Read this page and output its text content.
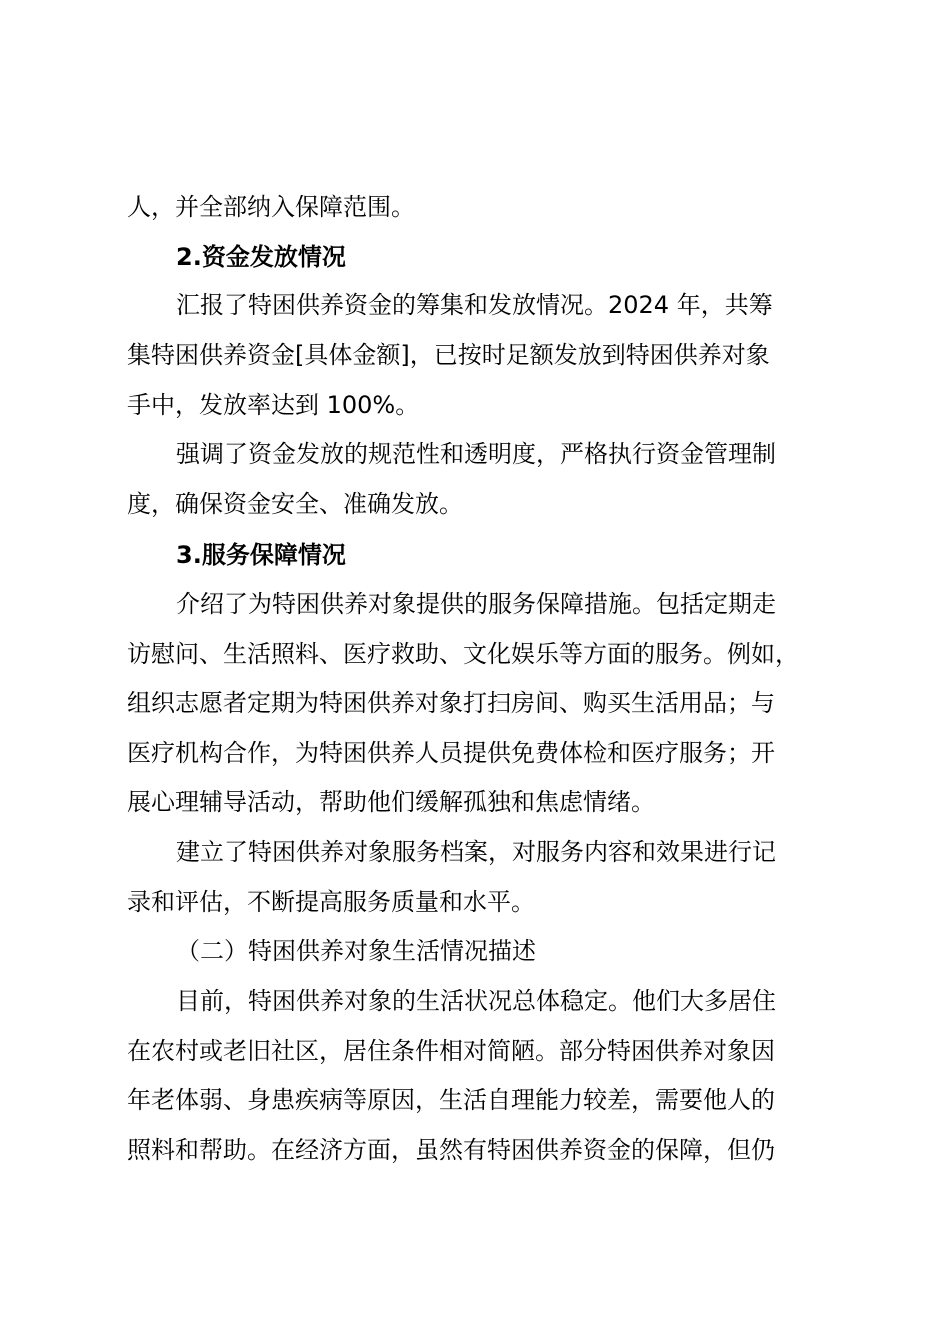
人，并全部纳入保障范围。
2.资金发放情况
汇报了特困供养资金的筹集和发放情况。2024 年，共筹
集特困供养资金[具体金额]，已按时足额发放到特困供养对象
手中，发放率达到 100%。
强调了资金发放的规范性和透明度，严格执行资金管理制
度，确保资金安全、准确发放。
3.服务保障情况
介绍了为特困供养对象提供的服务保障措施。包括定期走
访慰问、生活照料、医疗救助、文化娱乐等方面的服务。例如，
组织志愿者定期为特困供养对象打扫房间、购买生活用品；与
医疗机构合作，为特困供养人员提供免费体检和医疗服务；开
展心理辅导活动，帮助他们缓解孤独和焦虑情绪。
建立了特困供养对象服务档案，对服务内容和效果进行记
录和评估，不断提高服务质量和水平。
（二）特困供养对象生活情况描述
目前，特困供养对象的生活状况总体稳定。他们大多居住
在农村或老旧社区，居住条件相对简陋。部分特困供养对象因
年老体弱、身患疾病等原因，生活自理能力较差，需要他人的
照料和帮助。在经济方面，虽然有特困供养资金的保障，但仍
